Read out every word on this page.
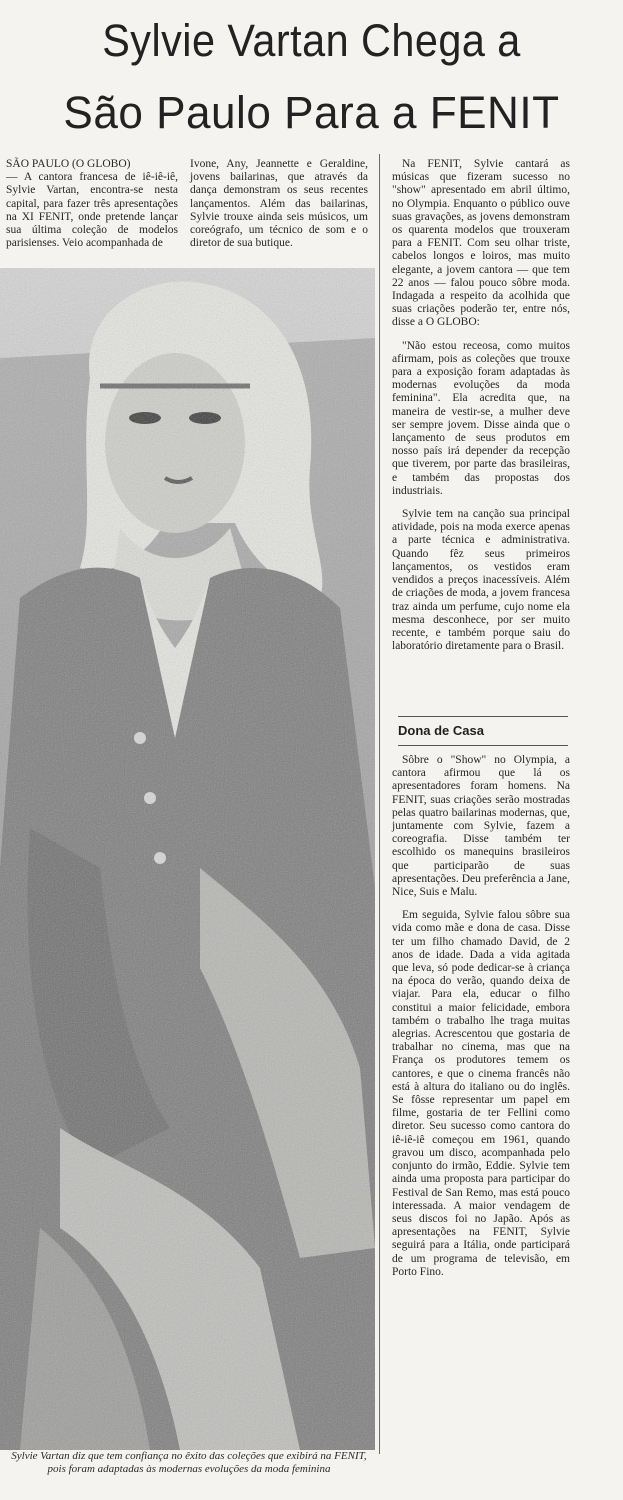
Sylvie Vartan Chega a
São Paulo Para a FENIT

SÃO PAULO (O GLOBO)
— A cantora francesa de iê-iê-iê, Sylvie Vartan, encontra-se nesta capital, para fazer três apresentações na XI FENIT, onde pretende lançar sua última coleção de modelos parisienses. Veio acompanhada de

Ivone, Any, Jeannette e Geraldine, jovens bailarinas, que através da dança demonstram os seus recentes lançamentos. Além das bailarinas, Sylvie trouxe ainda seis músicos, um coreógrafo, um técnico de som e o diretor de sua butique.

Na FENIT, Sylvie cantará as músicas que fizeram sucesso no "show" apresentado em abril último, no Olympia. Enquanto o público ouve suas gravações, as jovens demonstram os quarenta modelos que trouxeram para a FENIT. Com seu olhar triste, cabelos longos e loiros, mas muito elegante, a jovem cantora — que tem 22 anos — falou pouco sôbre moda. Indagada a respeito da acolhida que suas criações poderão ter, entre nós, disse a O GLOBO:

"Não estou receosa, como muitos afirmam, pois as coleções que trouxe para a exposição foram adaptadas às modernas evoluções da moda feminina". Ela acredita que, na maneira de vestir-se, a mulher deve ser sempre jovem. Disse ainda que o lançamento de seus produtos em nosso país irá depender da recepção que tiverem, por parte das brasileiras, e também das propostas dos industriais.

Sylvie tem na canção sua principal atividade, pois na moda exerce apenas a parte técnica e administrativa. Quando fêz seus primeiros lançamentos, os vestidos eram vendidos a preços inacessíveis. Além de criações de moda, a jovem francesa traz ainda um perfume, cujo nome ela mesma desconhece, por ser muito recente, e também porque saiu do laboratório diretamente para o Brasil.

Dona de Casa

Sôbre o "Show" no Olympia, a cantora afirmou que lá os apresentadores foram homens. Na FENIT, suas criações serão mostradas pelas quatro bailarinas modernas, que, juntamente com Sylvie, fazem a coreografia. Disse também ter escolhido os manequins brasileiros que participarão de suas apresentações. Deu preferência a Jane, Nice, Suis e Malu.

Em seguida, Sylvie falou sôbre sua vida como mãe e dona de casa. Disse ter um filho chamado David, de 2 anos de idade. Dada a vida agitada que leva, só pode dedicar-se à criança na época do verão, quando deixa de viajar. Para ela, educar o filho constitui a maior felicidade, embora também o trabalho lhe traga muitas alegrias. Acrescentou que gostaria de trabalhar no cinema, mas que na França os produtores temem os cantores, e que o cinema francês não está à altura do italiano ou do inglês. Se fôsse representar um papel em filme, gostaria de ter Fellini como diretor. Seu sucesso como cantora do iê-iê-iê começou em 1961, quando gravou um disco, acompanhada pelo conjunto do irmão, Eddie. Sylvie tem ainda uma proposta para participar do Festival de San Remo, mas está pouco interessada. A maior vendagem de seus discos foi no Japão. Após as apresentações na FENIT, Sylvie seguirá para a Itália, onde participará de um programa de televisão, em Porto Fino.

Sylvie Vartan diz que tem confiança no êxito das coleções que exibirá na FENIT, pois foram adaptadas às modernas evoluções da moda feminina
